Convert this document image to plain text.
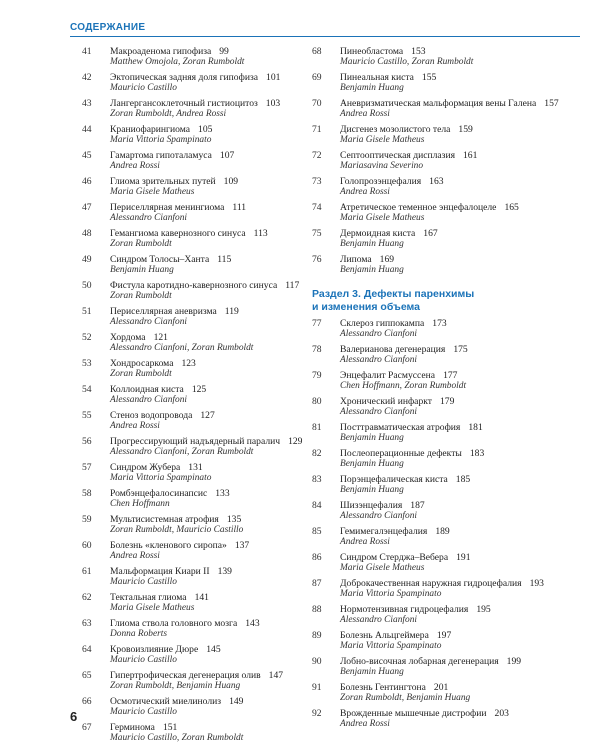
СОДЕРЖАНИЕ
41	Макроаденома гипофиза 99
Matthew Omojola, Zoran Rumboldt
42	Эктопическая задняя доля гипофиза 101
Mauricio Castillo
43	Лангергансоклеточный гистиоцитоз 103
Zoran Rumboldt, Andrea Rossi
44	Краниофарингиома 105
Maria Vittoria Spampinato
45	Гамартома гипоталамуса 107
Andrea Rossi
46	Глиома зрительных путей 109
Maria Gisele Matheus
47	Периселлярная менингиома 111
Alessandro Cianfoni
48	Гемангиома кавернозного синуса 113
Zoran Rumboldt
49	Синдром Толоcы–Ханта 115
Benjamin Huang
50	Фистула каротидно-кавернозного синуса 117
Zoran Rumboldt
51	Периселлярная аневризма 119
Alessandro Cianfoni
52	Хордома 121
Alessandro Cianfoni, Zoran Rumboldt
53	Хондросаркома 123
Zoran Rumboldt
54	Коллоидная киста 125
Alessandro Cianfoni
55	Стеноз водопровода 127
Andrea Rossi
56	Прогрессирующий надъядерный паралич 129
Alessandro Cianfoni, Zoran Rumboldt
57	Синдром Жубера 131
Maria Vittoria Spampinato
58	Ромбэнцефалосинапсис 133
Chen Hoffmann
59	Мультисистемная атрофия 135
Zoran Rumboldt, Mauricio Castillo
60	Болезнь «кленового сиропа» 137
Andrea Rossi
61	Мальформация Киари II 139
Mauricio Castillo
62	Тектальная глиома 141
Maria Gisele Matheus
63	Глиома ствола головного мозга 143
Donna Roberts
64	Кровоизлияние Дюре 145
Mauricio Castillo
65	Гипертрофическая дегенерация олив 147
Zoran Rumboldt, Benjamin Huang
66	Осмотический миелинолиз 149
Mauricio Castillo
67	Герминома 151
Mauricio Castillo, Zoran Rumboldt
68	Пинеобластома 153
Mauricio Castillo, Zoran Rumboldt
69	Пинеальная киста 155
Benjamin Huang
70	Аневризматическая мальформация вены Галена 157
Andrea Rossi
71	Дисгенез мозолистого тела 159
Maria Gisele Matheus
72	Септооптическая дисплазия 161
Mariasavina Severino
73	Голопрозэнцефалия 163
Andrea Rossi
74	Атретическое теменное энцефалоцеле 165
Maria Gisele Matheus
75	Дермоидная киста 167
Benjamin Huang
76	Липома 169
Benjamin Huang
Раздел 3. Дефекты паренхимы
и изменения объема
77	Склероз гиппокампа 173
Alessandro Cianfoni
78	Валерианова дегенерация 175
Alessandro Cianfoni
79	Энцефалит Расмуссена 177
Chen Hoffmann, Zoran Rumboldt
80	Хронический инфаркт 179
Alessandro Cianfoni
81	Посттравматическая атрофия 181
Benjamin Huang
82	Послеоперационные дефекты 183
Benjamin Huang
83	Порэнцефалическая киста 185
Benjamin Huang
84	Шизэнцефалия 187
Alessandro Cianfoni
85	Гемимегалэнцефалия 189
Andrea Rossi
86	Синдром Стерджа–Вебера 191
Maria Gisele Matheus
87	Доброкачественная наружная гидроцефалия 193
Maria Vittoria Spampinato
88	Нормотензивная гидроцефалия 195
Alessandro Cianfoni
89	Болезнь Альцгеймера 197
Maria Vittoria Spampinato
90	Лобно-височная лобарная дегенерация 199
Benjamin Huang
91	Болезнь Гентингтона 201
Zoran Rumboldt, Benjamin Huang
92	Врожденные мышечные дистрофии 203
Andrea Rossi
6
